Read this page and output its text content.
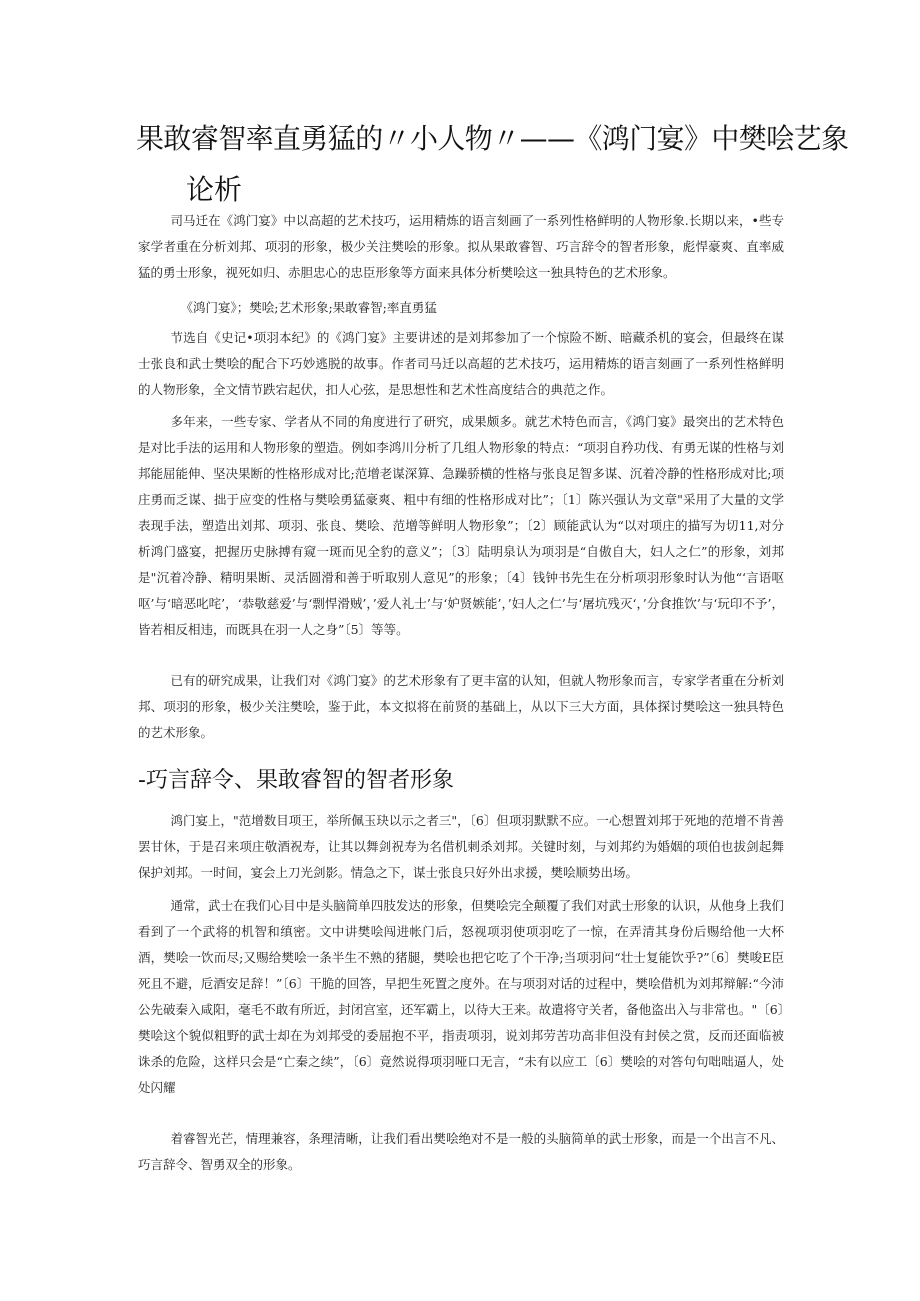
果敢睿智率直勇猛的〃小人物〃——《鸿门宴》中樊哙艺象
论析

司马迁在《鸿门宴》中以高超的艺术技巧，运用精炼的语言刻画了一系列性格鲜明的人物形象.长期以来，•些专家学者重在分析刘邦、项羽的形象，极少关注樊哙的形象。拟从果敢睿智、巧言辞令的智者形象，彪悍豪爽、直率威猛的勇士形象，视死如归、赤胆忠心的忠臣形象等方面来具体分析樊哙这一独具特色的艺术形象。

《鸿门宴》；樊哙;艺术形象;果敢睿智;率直勇猛

节选自《史记•项羽本纪》的《鸿门宴》主要讲述的是刘邦参加了一个惊险不断、暗藏杀机的宴会，但最终在谋士张良和武士樊哙的配合下巧妙逃脱的故事。作者司马迁以高超的艺术技巧，运用精炼的语言刻画了一系列性格鲜明的人物形象，全文情节跌宕起伏，扣人心弦，是思想性和艺术性高度结合的典范之作。

多年来，一些专家、学者从不同的角度进行了研究，成果颇多。就艺术特色而言，《鸿门宴》最突出的艺术特色是对比手法的运用和人物形象的塑造。例如李鸿川分析了几组人物形象的特点：“项羽自矜功伐、有勇无谋的性格与刘邦能屈能伸、坚决果断的性格形成对比;范增老谋深算、急躁骄横的性格与张良足智多谋、沉着冷静的性格形成对比;项庄勇而乏谋、拙于应变的性格与樊哙勇猛豪爽、粗中有细的性格形成对比”；〔1〕陈兴强认为文章"采用了大量的文学表现手法，塑造出刘邦、项羽、张良、樊哙、范增等鲜明人物形象”；〔2〕顾能武认为“以对项庄的描写为切11,对分析鸿门盛宴，把握历史脉搏有窥一斑而见全豹的意义”；〔3〕陆明泉认为项羽是“自傲自大，妇人之仁”的形象，刘邦是"沉着冷静、精明果断、灵活圆滑和善于听取别人意见”的形象；〔4〕钱钟书先生在分析项羽形象时认为他“‘言语呕呕’与‘暗恶叱咤’，‘恭敬慈爱’与‘剽悍滑贼’，’爱人礼士’与‘妒贤嫉能’，’妇人之仁’与‘屠坑残灭‘，’分食推饮’与‘玩印不予’，皆若相反相违，而既具在羽一人之身”〔5〕等等。

已有的研究成果，让我们对《鸿门宴》的艺术形象有了更丰富的认知，但就人物形象而言，专家学者重在分析刘邦、项羽的形象，极少关注樊哙，鉴于此，本文拟将在前贤的基础上，从以下三大方面，具体探讨樊哙这一独具特色的艺术形象。

-巧言辞令、果敢睿智的智者形象

鸿门宴上，"范增数目项王，举所佩玉玦以示之者三"，〔6〕但项羽默默不应。一心想置刘邦于死地的范增不肯善罢甘休，于是召来项庄敬酒祝寿，让其以舞剑祝寿为名借机刺杀刘邦。关键时刻，与刘邦约为婚姻的项伯也拔剑起舞保护刘邦。一时间，宴会上刀光剑影。情急之下，谋士张良只好外出求援，樊哙顺势出场。

通常，武士在我们心目中是头脑简单四肢发达的形象，但樊哙完全颠覆了我们对武士形象的认识，从他身上我们看到了一个武将的机智和缜密。文中讲樊哙闯进帐门后，怒视项羽使项羽吃了一惊，在弄清其身份后赐给他一大杯酒，樊哙一饮而尽;又赐给樊哙一条半生不熟的猪腿，樊哙也把它吃了个干净;当项羽问“壮士复能饮乎?”〔6〕樊唆E臣死且不避，卮酒安足辞！”〔6〕干脆的回答，早把生死置之度外。在与项羽对话的过程中，樊哙借机为刘邦辩解:“今沛公先破秦入咸阳，毫毛不敢有所近，封闭宫室，还军霸上，以待大王来。故遣将守关者，备他盗出入与非常也。"〔6〕樊哙这个貌似粗野的武士却在为刘邦受的委屈抱不平，指责项羽，说刘邦劳苦功高非但没有封侯之赏，反而还面临被诛杀的危险，这样只会是“亡秦之续”，〔6〕竟然说得项羽哑口无言，“未有以应工〔6〕樊哙的对答句句咄咄逼人，处处闪耀

着睿智光芒，情理兼容，条理清晰，让我们看出樊哙绝对不是一般的头脑简单的武士形象，而是一个出言不凡、巧言辞令、智勇双全的形象。
